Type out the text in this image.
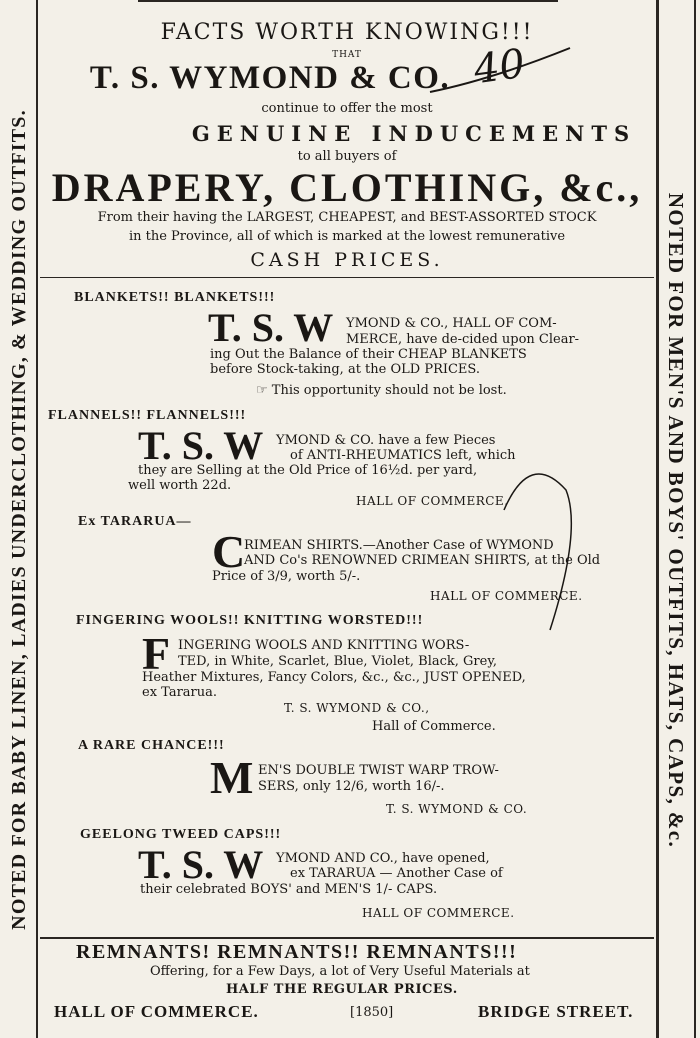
NOTED FOR BABY LINEN, LADIES UNDERCLOTHING, & WEDDING OUTFITS.	NOTED FOR MEN'S AND BOYS' OUTFITS, HATS, CAPS, &c.
FACTS WORTH KNOWING!!!
THAT
T. S. WYMOND & CO. 40
continue to offer the most
GENUINE INDUCEMENTS
to all buyers of
DRAPERY, CLOTHING, &c.,
From their having the LARGEST, CHEAPEST, and BEST-ASSORTED STOCK
in the Province, all of which is marked at the lowest remunerative
CASH PRICES.
BLANKETS!! BLANKETS!!!
T. S. W YMOND & CO., HALL OF COM-
MERCE, have de-cided upon Clear-
ing Out the Balance of their CHEAP BLANKETS
before Stock-taking, at the OLD PRICES.
☞ This opportunity should not be lost.
FLANNELS!! FLANNELS!!!
T. S. W YMOND & CO. have a few Pieces
of ANTI-RHEUMATICS left, which
they are Selling at the Old Price of 16½d. per yard,
well worth 22d.
HALL OF COMMERCE.
Ex TARARUA—
C
RIMEAN SHIRTS.—Another Case of WYMOND
AND Co's RENOWNED CRIMEAN SHIRTS, at the Old
Price of 3/9, worth 5/-.
HALL OF COMMERCE.
FINGERING WOOLS!! KNITTING WORSTED!!!
F INGERING WOOLS AND KNITTING WORS-
TED, in White, Scarlet, Blue, Violet, Black, Grey,
Heather Mixtures, Fancy Colors, &c., &c., JUST OPENED,
ex Tararua.
T. S. WYMOND & CO.,
Hall of Commerce.
A RARE CHANCE!!!
M EN'S DOUBLE TWIST WARP TROW-
SERS, only 12/6, worth 16/-.
T. S. WYMOND & CO.
GEELONG TWEED CAPS!!!
T. S. W YMOND AND CO., have opened,
ex TARARUA — Another Case of
their celebrated BOYS' and MEN'S 1/- CAPS.
HALL OF COMMERCE.
REMNANTS! REMNANTS!! REMNANTS!!!
Offering, for a Few Days, a lot of Very Useful Materials at
HALF THE REGULAR PRICES.
HALL OF COMMERCE.	[1850]	BRIDGE STREET.
